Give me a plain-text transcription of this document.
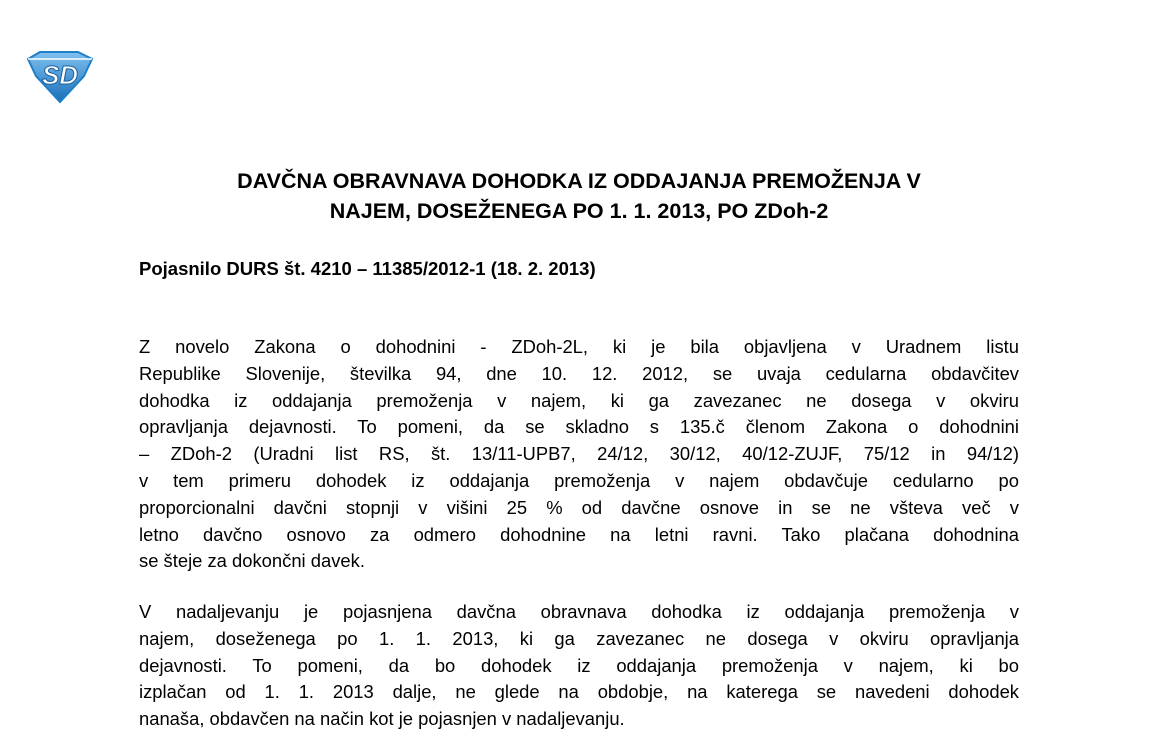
SD
DAVČNA OBRAVNAVA DOHODKA IZ ODDAJANJA PREMOŽENJA V
NAJEM, DOSEŽENEGA PO 1. 1. 2013, PO ZDoh-2

Pojasnilo DURS št. 4210 – 11385/2012-1 (18. 2. 2013)

Z novelo Zakona o dohodnini - ZDoh-2L, ki je bila objavljena v Uradnem listu
Republike Slovenije, številka 94, dne 10. 12. 2012, se uvaja cedularna obdavčitev
dohodka iz oddajanja premoženja v najem, ki ga zavezanec ne dosega v okviru
opravljanja dejavnosti. To pomeni, da se skladno s 135.č členom Zakona o dohodnini
– ZDoh-2 (Uradni list RS, št. 13/11-UPB7, 24/12, 30/12, 40/12-ZUJF, 75/12 in 94/12)
v tem primeru dohodek iz oddajanja premoženja v najem obdavčuje cedularno po
proporcionalni davčni stopnji v višini 25 % od davčne osnove in se ne všteva več v
letno davčno osnovo za odmero dohodnine na letni ravni. Tako plačana dohodnina
se šteje za dokončni davek.
V nadaljevanju je pojasnjena davčna obravnava dohodka iz oddajanja premoženja v
najem, doseženega po 1. 1. 2013, ki ga zavezanec ne dosega v okviru opravljanja
dejavnosti. To pomeni, da bo dohodek iz oddajanja premoženja v najem, ki bo
izplačan od 1. 1. 2013 dalje, ne glede na obdobje, na katerega se navedeni dohodek
nanaša, obdavčen na način kot je pojasnjen v nadaljevanju.
